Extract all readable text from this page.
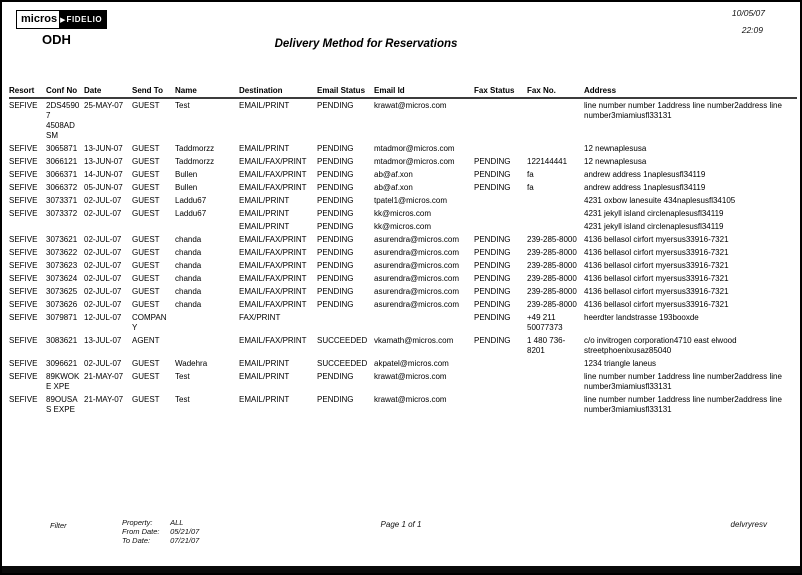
micros ▶ FIDELIO
ODH	Delivery Method for Reservations
10/05/07
22:09
Resort	Conf No	Date	Send To	Name	Destination	Email Status	Email Id	Fax Status	Fax No.	Address
SEFIVE	2DS45907 4508ADSM	25-MAY-07	GUEST	Test	EMAIL/PRINT	PENDING	krawat@micros.com			line number number 1address line number2address line number3miamiusfl33131
SEFIVE	3065871	13-JUN-07	GUEST	Taddmorzz	EMAIL/PRINT	PENDING	mtadmor@micros.com			12 newnaplesusa
SEFIVE	3066121	13-JUN-07	GUEST	Taddmorzz	EMAIL/FAX/PRINT	PENDING	mtadmor@micros.com	PENDING	122144441	12 newnaplesusa
SEFIVE	3066371	14-JUN-07	GUEST	Bullen	EMAIL/FAX/PRINT	PENDING	ab@af.xon	PENDING	fa	andrew address 1naplesusfl34119
SEFIVE	3066372	05-JUN-07	GUEST	Bullen	EMAIL/FAX/PRINT	PENDING	ab@af.xon	PENDING	fa	andrew address 1naplesusfl34119
SEFIVE	3073371	02-JUL-07	GUEST	Laddu67	EMAIL/PRINT	PENDING	tpatel1@micros.com			4231 oxbow lanesuite 434naplesusfl34105
SEFIVE	3073372	02-JUL-07	GUEST	Laddu67	EMAIL/PRINT	PENDING	kk@micros.com			4231 jekyll island circlenaplesusfl34119
					EMAIL/PRINT	PENDING	kk@micros.com			4231 jekyll island circlenaplesusfl34119
SEFIVE	3073621	02-JUL-07	GUEST	chanda	EMAIL/FAX/PRINT	PENDING	asurendra@micros.com	PENDING	239-285-8000	4136 bellasol cirfort myersus33916-7321
SEFIVE	3073622	02-JUL-07	GUEST	chanda	EMAIL/FAX/PRINT	PENDING	asurendra@micros.com	PENDING	239-285-8000	4136 bellasol cirfort myersus33916-7321
SEFIVE	3073623	02-JUL-07	GUEST	chanda	EMAIL/FAX/PRINT	PENDING	asurendra@micros.com	PENDING	239-285-8000	4136 bellasol cirfort myersus33916-7321
SEFIVE	3073624	02-JUL-07	GUEST	chanda	EMAIL/FAX/PRINT	PENDING	asurendra@micros.com	PENDING	239-285-8000	4136 bellasol cirfort myersus33916-7321
SEFIVE	3073625	02-JUL-07	GUEST	chanda	EMAIL/FAX/PRINT	PENDING	asurendra@micros.com	PENDING	239-285-8000	4136 bellasol cirfort myersus33916-7321
SEFIVE	3073626	02-JUL-07	GUEST	chanda	EMAIL/FAX/PRINT	PENDING	asurendra@micros.com	PENDING	239-285-8000	4136 bellasol cirfort myersus33916-7321
SEFIVE	3079871	12-JUL-07	COMPANY		FAX/PRINT			PENDING	+49 211 50077373	heerdter landstrasse 193booxde
SEFIVE	3083621	13-JUL-07	AGENT		EMAIL/FAX/PRINT	SUCCEEDED	vkamath@micros.com	PENDING	1 480 736-8201	c/o invitrogen corporation4710 east elwood streetphoenixusaz85040
SEFIVE	3096621	02-JUL-07	GUEST	Wadehra	EMAIL/PRINT	SUCCEEDED	akpatel@micros.com			1234 triangle laneus
SEFIVE	89KWOKE XPE	21-MAY-07	GUEST	Test	EMAIL/PRINT	PENDING	krawat@micros.com			line number number 1address line number2address line number3miamiusfl33131
SEFIVE	89OUSAS EXPE	21-MAY-07	GUEST	Test	EMAIL/PRINT	PENDING	krawat@micros.com			line number number 1address line number2address line number3miamiusfl33131
Filter	Property: ALL
From Date: 05/21/07
To Date:	07/21/07
Page 1 of 1	delvryresv
